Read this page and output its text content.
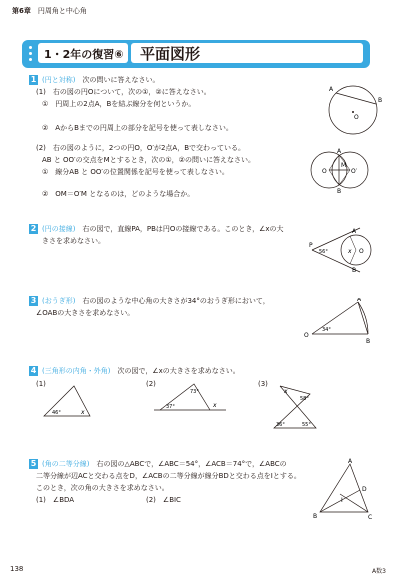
第6章　 円周角と中心角
1・2年の復習⑥ 平面図形
1 (円と対称)　 次の問いに答えなさい。
(1)　右の図の円Oについて，次の①，②に答えなさい。
①　円周上の2点A，Bを結ぶ線分を何というか。
②　AからBまでの円周上の部分を記号を使って表しなさい。
(2)　右の図のように，2つの円O，O′が2点A，Bで交わっている。
AB と OO′の交点をMとするとき，次の①，②の問いに答えなさい。
①　線分AB と OO′の位置関係を記号を使って表しなさい。
②　OM＝O′M となるのは，どのような場合か。
A
B
O
A
B
O	O′
M
2 (円の接線)　 右の図で，直線PA，PBは円Oの接線である。このとき，∠xの大
きさを求めなさい。
P
A
B
O
56°	x
3 (おうぎ形)　 右の図のような中心角の大きさが34°のおうぎ形において，
∠OABの大きさを求めなさい。
O
A
B
34°
4 (三角形の内角・外角)　 次の図で，∠xの大きさを求めなさい。
(1)
46°	x
(2)
73°
37°	x
(3)
58°
36°	55°
x
5 (角の二等分線)　 右の図の△ABCで，∠ABC＝54°，∠ACB＝74°で，∠ABCの
二等分線が辺ACと交わる点をD，∠ACBの二等分線が線分BDと交わる点をIとする。
このとき，次の角の大きさを求めなさい。
(1)　∠BDA	(2)　∠BIC
A
B	C
D
I
138	A数3
